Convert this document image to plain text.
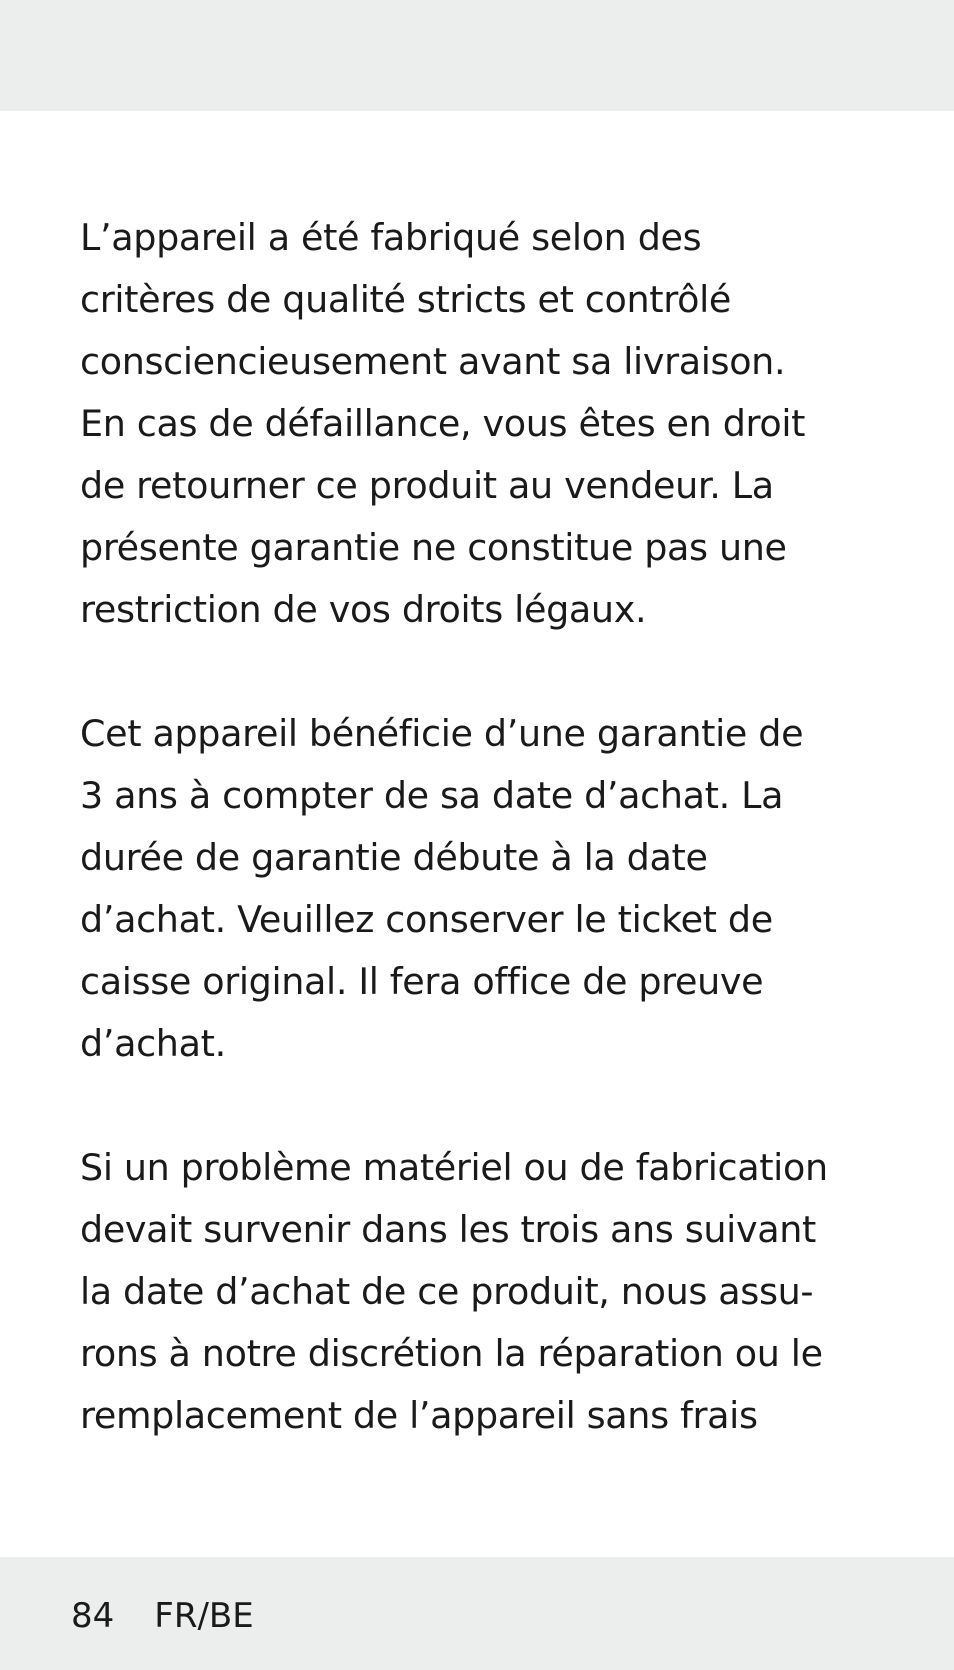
L’appareil a été fabriqué selon des
critères de qualité stricts et contrôlé
consciencieusement avant sa livraison.
En cas de défaillance, vous êtes en droit
de retourner ce produit au vendeur. La
présente garantie ne constitue pas une
restriction de vos droits légaux.
Cet appareil bénéficie d’une garantie de
3 ans à compter de sa date d’achat. La
durée de garantie débute à la date
d’achat. Veuillez conserver le ticket de
caisse original. Il fera office de preuve
d’achat.
Si un problème matériel ou de fabrication
devait survenir dans les trois ans suivant
la date d’achat de ce produit, nous assu-
rons à notre discrétion la réparation ou le
remplacement de l’appareil sans frais
84 FR/BE
